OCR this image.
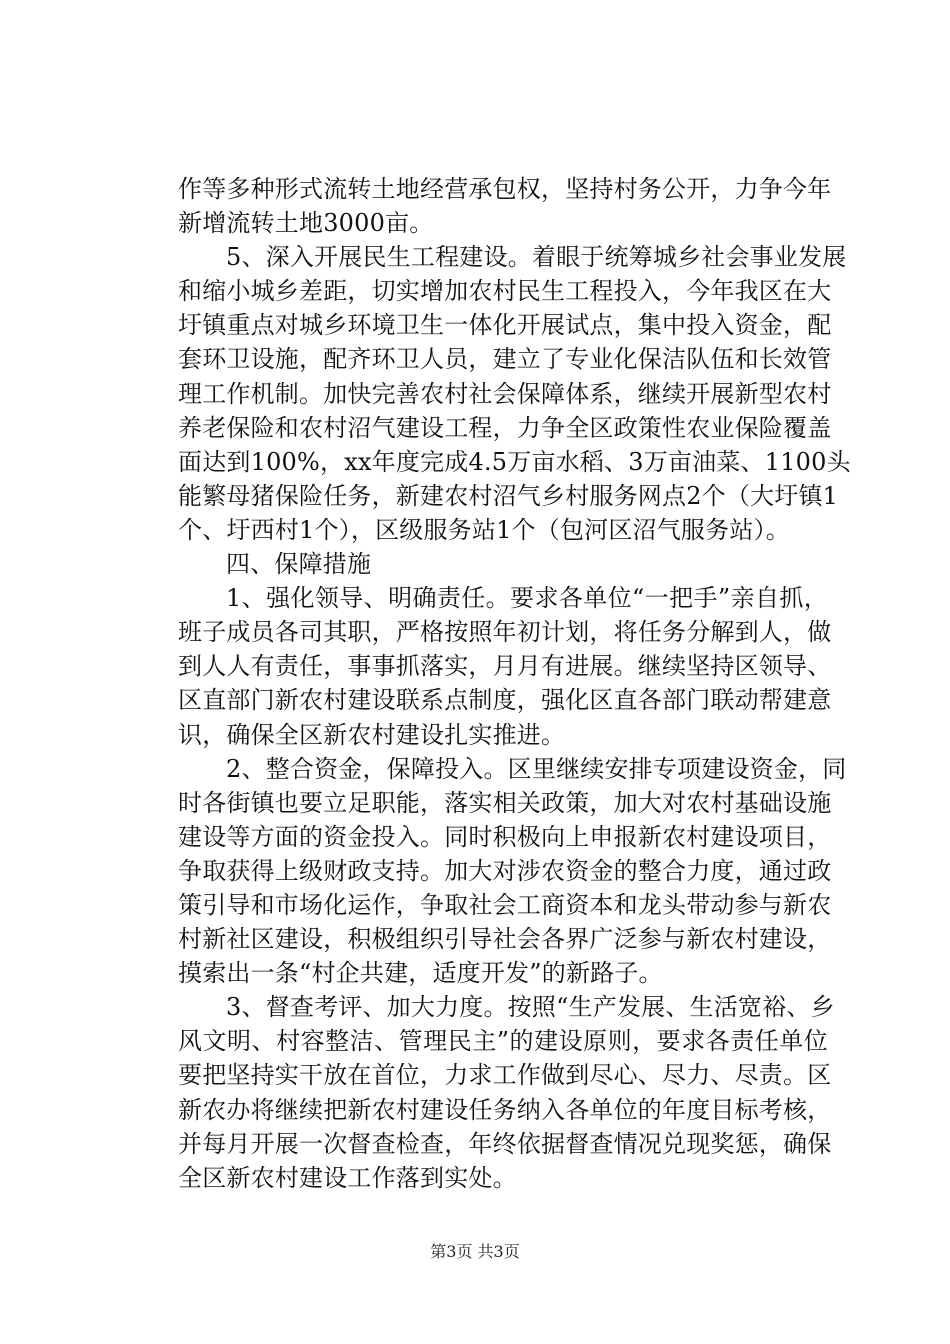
作等多种形式流转土地经营承包权，坚持村务公开，力争今年
新增流转土地3000亩。
5、深入开展民生工程建设。着眼于统筹城乡社会事业发展
和缩小城乡差距，切实增加农村民生工程投入，今年我区在大
圩镇重点对城乡环境卫生一体化开展试点，集中投入资金，配
套环卫设施，配齐环卫人员，建立了专业化保洁队伍和长效管
理工作机制。加快完善农村社会保障体系，继续开展新型农村
养老保险和农村沼气建设工程，力争全区政策性农业保险覆盖
面达到100%，xx年度完成4.5万亩水稻、3万亩油菜、1100头
能繁母猪保险任务，新建农村沼气乡村服务网点2个（大圩镇1
个、圩西村1个），区级服务站1个（包河区沼气服务站）。
四、保障措施
1、强化领导、明确责任。要求各单位“一把手”亲自抓，
班子成员各司其职，严格按照年初计划，将任务分解到人，做
到人人有责任，事事抓落实，月月有进展。继续坚持区领导、
区直部门新农村建设联系点制度，强化区直各部门联动帮建意
识，确保全区新农村建设扎实推进。
2、整合资金，保障投入。区里继续安排专项建设资金，同
时各街镇也要立足职能，落实相关政策，加大对农村基础设施
建设等方面的资金投入。同时积极向上申报新农村建设项目，
争取获得上级财政支持。加大对涉农资金的整合力度，通过政
策引导和市场化运作，争取社会工商资本和龙头带动参与新农
村新社区建设，积极组织引导社会各界广泛参与新农村建设，
摸索出一条“村企共建，适度开发”的新路子。
3、督查考评、加大力度。按照“生产发展、生活宽裕、乡
风文明、村容整洁、管理民主”的建设原则，要求各责任单位
要把坚持实干放在首位，力求工作做到尽心、尽力、尽责。区
新农办将继续把新农村建设任务纳入各单位的年度目标考核，
并每月开展一次督查检查，年终依据督查情况兑现奖惩，确保
全区新农村建设工作落到实处。
第3页 共3页
